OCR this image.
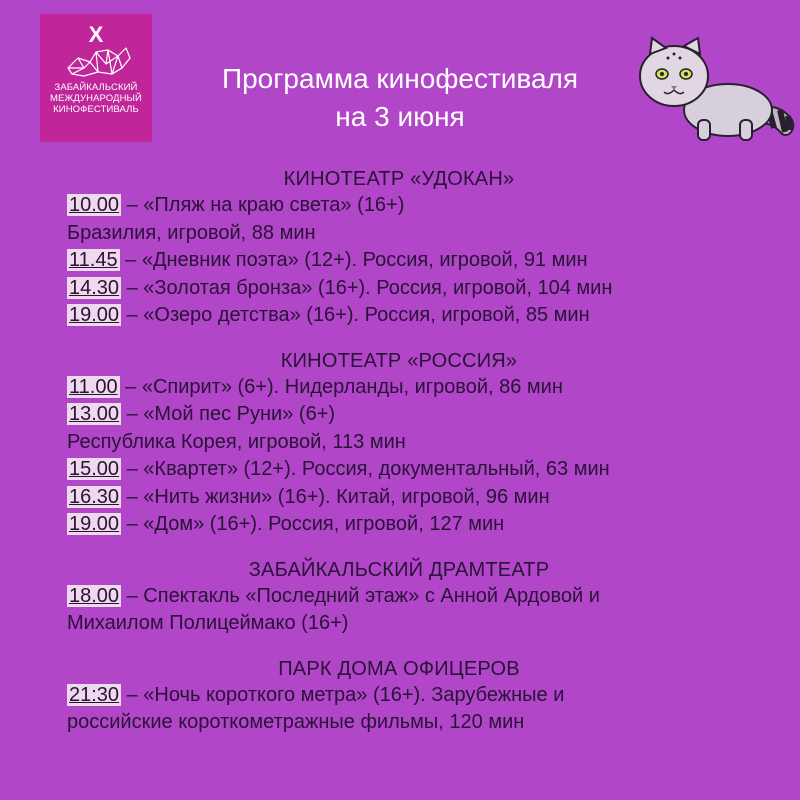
X
ЗАБАЙКАЛЬСКИЙ
МЕЖДУНАРОДНЫЙ
КИНОФЕСТИВАЛЬ
Программа кинофестиваля
на 3 июня
КИНОТЕАТР «УДОКАН»
10.00 – «Пляж на краю света» (16+)
Бразилия, игровой, 88 мин
11.45 – «Дневник поэта» (12+). Россия, игровой, 91 мин
14.30 – «Золотая бронза» (16+). Россия, игровой, 104 мин
19.00 – «Озеро детства» (16+). Россия, игровой, 85 мин
КИНОТЕАТР «РОССИЯ»
11.00 – «Спирит» (6+). Нидерланды, игровой, 86 мин
13.00 – «Мой пес Руни» (6+)
Республика Корея, игровой, 113 мин
15.00 – «Квартет» (12+). Россия, документальный, 63 мин
16.30 – «Нить жизни» (16+). Китай, игровой, 96 мин
19.00 – «Дом» (16+). Россия, игровой, 127 мин
ЗАБАЙКАЛЬСКИЙ ДРАМТЕАТР
18.00 – Спектакль «Последний этаж» с Анной Ардовой и
Михаилом Полицеймако (16+)
ПАРК ДОМА ОФИЦЕРОВ
21:30 – «Ночь короткого метра» (16+). Зарубежные и
российские короткометражные фильмы, 120 мин
